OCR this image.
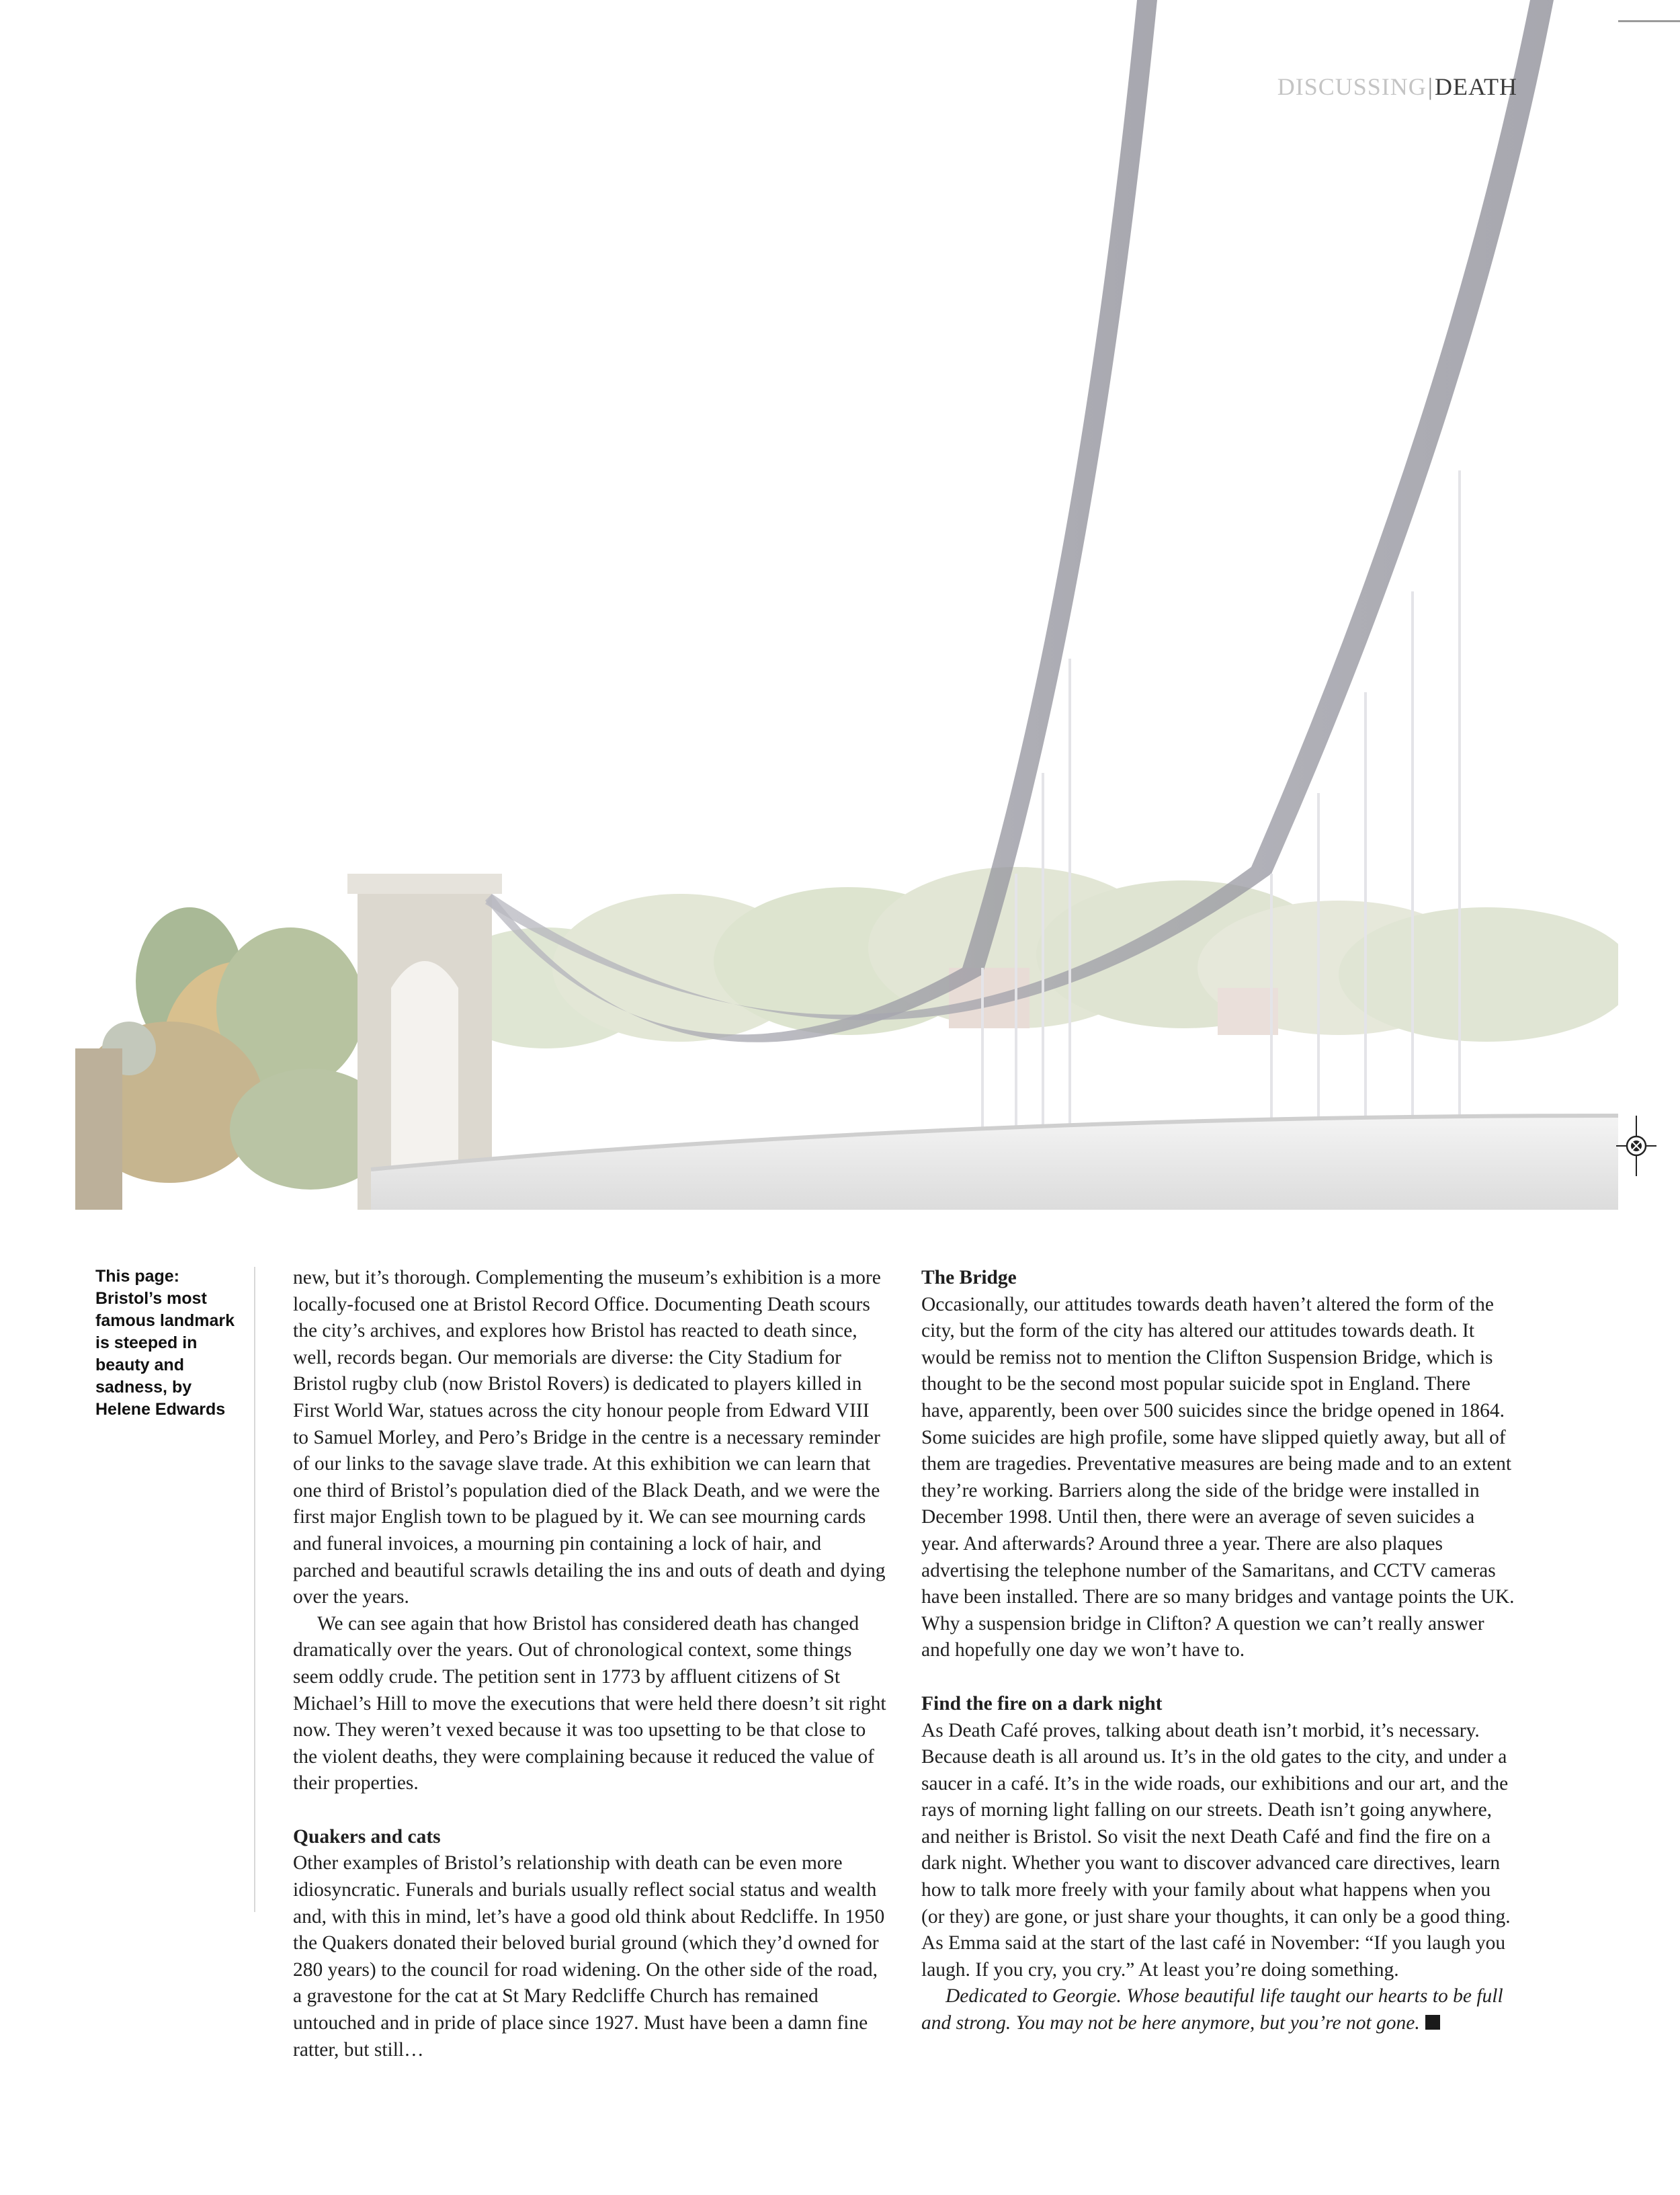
DISCUSSING|DEATH

This page: Bristol’s most famous landmark is steeped in beauty and sadness, by Helene Edwards

new, but it’s thorough. Complementing the museum’s exhibition is a more locally-focused one at Bristol Record Office. Documenting Death scours the city’s archives, and explores how Bristol has reacted to death since, well, records began. Our memorials are diverse: the City Stadium for Bristol rugby club (now Bristol Rovers) is dedicated to players killed in First World War, statues across the city honour people from Edward VIII to Samuel Morley, and Pero’s Bridge in the centre is a necessary reminder of our links to the savage slave trade. At this exhibition we can learn that one third of Bristol’s population died of the Black Death, and we were the first major English town to be plagued by it. We can see mourning cards and funeral invoices, a mourning pin containing a lock of hair, and parched and beautiful scrawls detailing the ins and outs of death and dying over the years.

We can see again that how Bristol has considered death has changed dramatically over the years. Out of chronological context, some things seem oddly crude. The petition sent in 1773 by affluent citizens of St Michael’s Hill to move the executions that were held there doesn’t sit right now. They weren’t vexed because it was too upsetting to be that close to the violent deaths, they were complaining because it reduced the value of their properties.

Quakers and cats

Other examples of Bristol’s relationship with death can be even more idiosyncratic. Funerals and burials usually reflect social status and wealth and, with this in mind, let’s have a good old think about Redcliffe. In 1950 the Quakers donated their beloved burial ground (which they’d owned for 280 years) to the council for road widening. On the other side of the road, a gravestone for the cat at St Mary Redcliffe Church has remained untouched and in pride of place since 1927. Must have been a damn fine ratter, but still…

The Bridge

Occasionally, our attitudes towards death haven’t altered the form of the city, but the form of the city has altered our attitudes towards death. It would be remiss not to mention the Clifton Suspension Bridge, which is thought to be the second most popular suicide spot in England. There have, apparently, been over 500 suicides since the bridge opened in 1864. Some suicides are high profile, some have slipped quietly away, but all of them are tragedies. Preventative measures are being made and to an extent they’re working. Barriers along the side of the bridge were installed in December 1998. Until then, there were an average of seven suicides a year. And afterwards? Around three a year. There are also plaques advertising the telephone number of the Samaritans, and CCTV cameras have been installed. There are so many bridges and vantage points the UK. Why a suspension bridge in Clifton? A question we can’t really answer and hopefully one day we won’t have to.

Find the fire on a dark night

As Death Café proves, talking about death isn’t morbid, it’s necessary. Because death is all around us. It’s in the old gates to the city, and under a saucer in a café. It’s in the wide roads, our exhibitions and our art, and the rays of morning light falling on our streets. Death isn’t going anywhere, and neither is Bristol. So visit the next Death Café and find the fire on a dark night. Whether you want to discover advanced care directives, learn how to talk more freely with your family about what happens when you (or they) are gone, or just share your thoughts, it can only be a good thing. As Emma said at the start of the last café in November: “If you laugh you laugh. If you cry, you cry.” At least you’re doing something.

Dedicated to Georgie. Whose beautiful life taught our hearts to be full and strong. You may not be here anymore, but you’re not gone.
